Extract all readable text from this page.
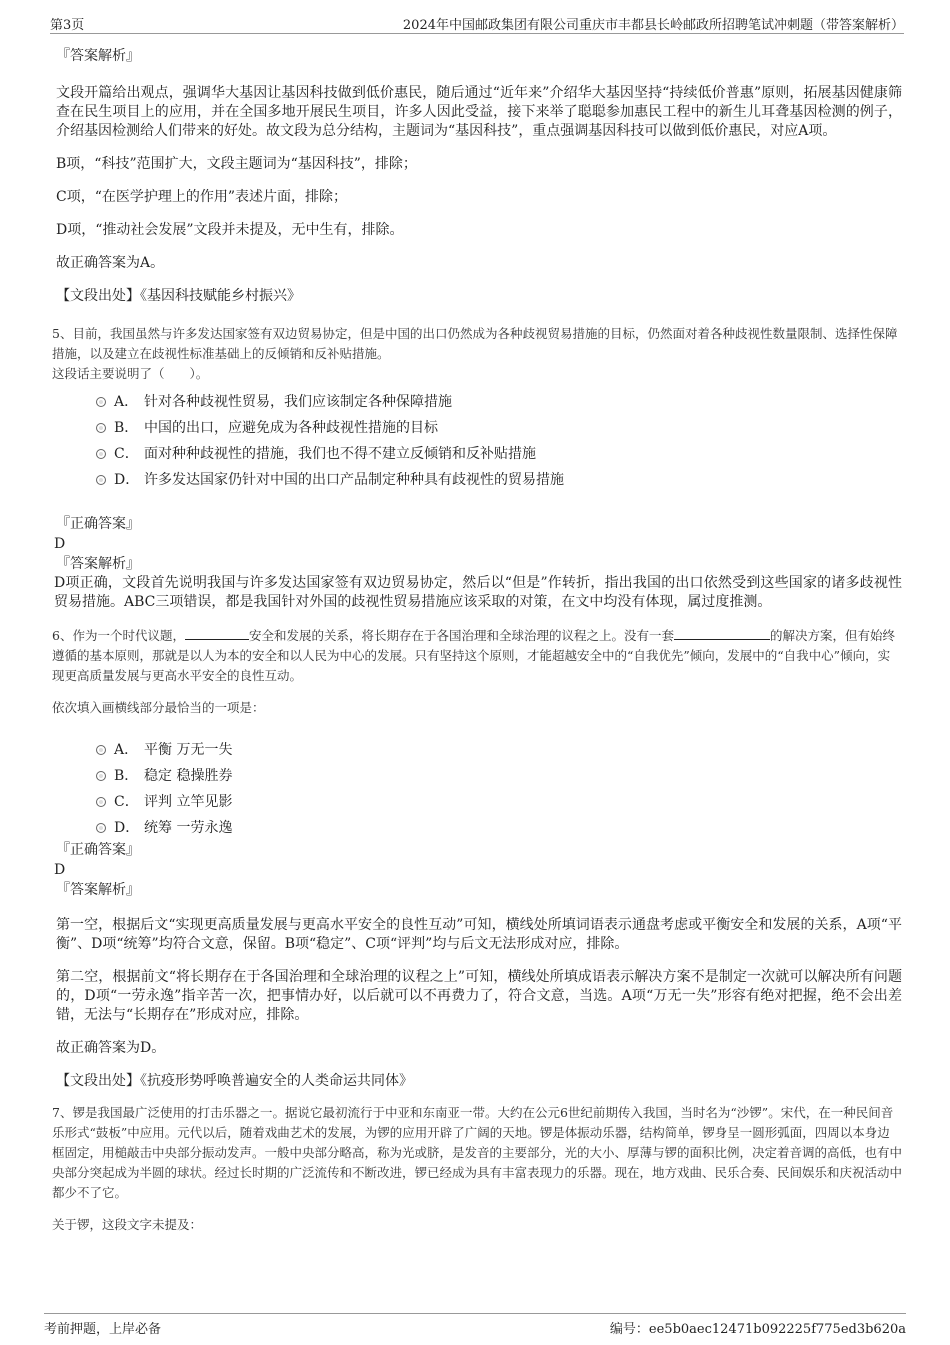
第3页	2024年中国邮政集团有限公司重庆市丰都县长岭邮政所招聘笔试冲刺题（带答案解析）
『答案解析』
文段开篇给出观点，强调华大基因让基因科技做到低价惠民，随后通过“近年来”介绍华大基因坚持“持续低价普惠”原则，拓展基因健康筛查在民生项目上的应用，并在全国多地开展民生项目，许多人因此受益，接下来举了聪聪参加惠民工程中的新生儿耳聋基因检测的例子，介绍基因检测给人们带来的好处。故文段为总分结构，主题词为“基因科技”，重点强调基因科技可以做到低价惠民，对应A项。
B项，“科技”范围扩大，文段主题词为“基因科技”，排除；
C项，“在医学护理上的作用”表述片面，排除；
D项，“推动社会发展”文段并未提及，无中生有，排除。
故正确答案为A。
【文段出处】《基因科技赋能乡村振兴》
5、目前，我国虽然与许多发达国家签有双边贸易协定，但是中国的出口仍然成为各种歧视贸易措施的目标，仍然面对着各种歧视性数量限制、选择性保障措施，以及建立在歧视性标准基础上的反倾销和反补贴措施。
这段话主要说明了（　　）。
A． 针对各种歧视性贸易，我们应该制定各种保障措施
B． 中国的出口，应避免成为各种歧视性措施的目标
C． 面对种种歧视性的措施，我们也不得不建立反倾销和反补贴措施
D． 许多发达国家仍针对中国的出口产品制定种种具有歧视性的贸易措施
『正确答案』
D
『答案解析』
D项正确，文段首先说明我国与许多发达国家签有双边贸易协定，然后以“但是”作转折，指出我国的出口依然受到这些国家的诸多歧视性贸易措施。ABC三项错误，都是我国针对外国的歧视性贸易措施应该采取的对策，在文中均没有体现，属过度推测。
6、作为一个时代议题，	安全和发展的关系，将长期存在于各国治理和全球治理的议程之上。没有一套	的解决方案，但有始终遵循的基本原则，那就是以人为本的安全和以人民为中心的发展。只有坚持这个原则，才能超越安全中的“自我优先”倾向，发展中的“自我中心”倾向，实现更高质量发展与更高水平安全的良性互动。
依次填入画横线部分最恰当的一项是：
A． 平衡 万无一失
B． 稳定 稳操胜券
C． 评判 立竿见影
D． 统筹 一劳永逸
『正确答案』
D
『答案解析』
第一空，根据后文“实现更高质量发展与更高水平安全的良性互动”可知，横线处所填词语表示通盘考虑或平衡安全和发展的关系，A项“平衡”、D项“统筹”均符合文意，保留。B项“稳定”、C项“评判”均与后文无法形成对应，排除。
第二空，根据前文“将长期存在于各国治理和全球治理的议程之上”可知，横线处所填成语表示解决方案不是制定一次就可以解决所有问题的，D项“一劳永逸”指辛苦一次，把事情办好，以后就可以不再费力了，符合文意，当选。A项“万无一失”形容有绝对把握，绝不会出差错，无法与“长期存在”形成对应，排除。
故正确答案为D。
【文段出处】《抗疫形势呼唤普遍安全的人类命运共同体》
7、锣是我国最广泛使用的打击乐器之一。据说它最初流行于中亚和东南亚一带。大约在公元6世纪前期传入我国，当时名为“沙锣”。宋代，在一种民间音乐形式“鼓板”中应用。元代以后，随着戏曲艺术的发展，为锣的应用开辟了广阔的天地。锣是体振动乐器，结构简单，锣身呈一圆形弧面，四周以本身边框固定，用槌敲击中央部分振动发声。一般中央部分略高，称为光或脐，是发音的主要部分，光的大小、厚薄与锣的面积比例，决定着音调的高低，也有中央部分突起成为半圆的球状。经过长时期的广泛流传和不断改进，锣已经成为具有丰富表现力的乐器。现在，地方戏曲、民乐合奏、民间娱乐和庆祝活动中都少不了它。
关于锣，这段文字未提及：
考前押题，上岸必备	编号：ee5b0aec12471b092225f775ed3b620a
